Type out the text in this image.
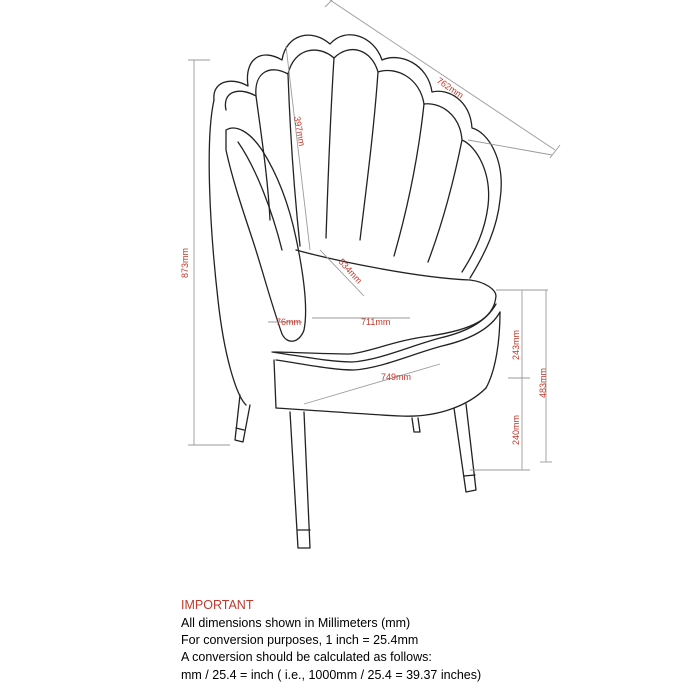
762mm
397mm
873mm	534mm
76mm	711mm
749mm
243mm
240mm
483mm
IMPORTANT
All dimensions shown in Millimeters (mm)
For conversion purposes, 1 inch = 25.4mm
A conversion should be calculated as follows:
mm / 25.4 = inch ( i.e., 1000mm / 25.4 = 39.37 inches)
